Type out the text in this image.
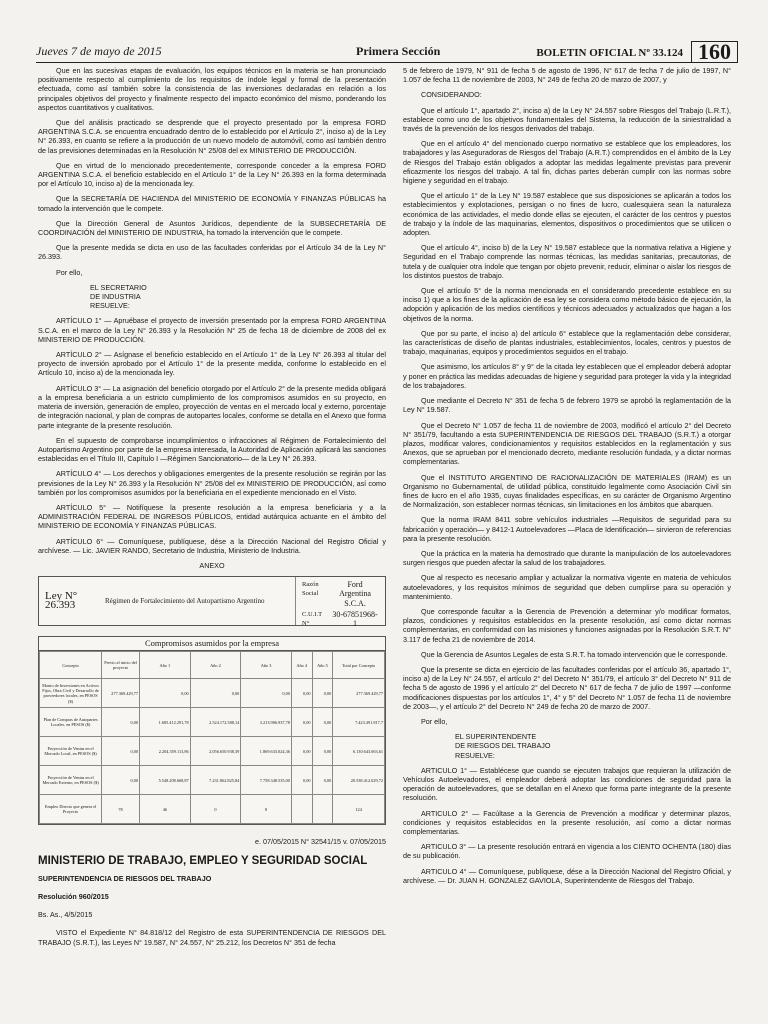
Jueves 7 de mayo de 2015	Primera Sección	BOLETIN OFICIAL Nº 33.124 160

Que en las sucesivas etapas de evaluación, los equipos técnicos en la materia se han pronunciado positivamente respecto al cumplimiento de los requisitos de índole legal y formal de la presentación efectuada, como así también sobre la consistencia de las inversiones declaradas en relación a los principales objetivos del proyecto y finalmente respecto del impacto económico del mismo, ponderando los aspectos cuantitativos y cualitativos.

Que del análisis practicado se desprende que el proyecto presentado por la empresa FORD ARGENTINA S.C.A. se encuentra encuadrado dentro de lo establecido por el Artículo 2°, inciso a) de la Ley N° 26.393, en cuanto se refiere a la producción de un nuevo modelo de automóvil, como así también dentro de las previsiones determinadas en la Resolución N° 25/08 del ex MINISTERIO DE PRODUCCIÓN.

Que en virtud de lo mencionado precedentemente, corresponde conceder a la empresa FORD ARGENTINA S.C.A. el beneficio establecido en el Artículo 1° de la Ley N° 26.393 en la forma determinada por el Artículo 10, inciso a) de la mencionada ley.

Que la SECRETARÍA DE HACIENDA del MINISTERIO DE ECONOMÍA Y FINANZAS PÚBLICAS ha tomado la intervención que le compete.

Que la Dirección General de Asuntos Jurídicos, dependiente de la SUBSECRETARÍA DE COORDINACIÓN del MINISTERIO DE INDUSTRIA, ha tomado la intervención que le compete.

Que la presente medida se dicta en uso de las facultades conferidas por el Artículo 34 de la Ley N° 26.393.

Por ello,

EL SECRETARIO
DE INDUSTRIA
RESUELVE:

ARTÍCULO 1° — Apruébase el proyecto de inversión presentado por la empresa FORD ARGENTINA S.C.A. en el marco de la Ley N° 26.393 y la Resolución N° 25 de fecha 18 de diciembre de 2008 del ex MINISTERIO DE PRODUCCIÓN.

ARTÍCULO 2° — Asígnase el beneficio establecido en el Artículo 1° de la Ley N° 26.393 al titular del proyecto de inversión aprobado por el Artículo 1° de la presente medida, conforme lo establecido en el Artículo 10, inciso a) de la mencionada ley.

ARTÍCULO 3° — La asignación del beneficio otorgado por el Artículo 2° de la presente medida obligará a la empresa beneficiaria a un estricto cumplimiento de los compromisos asumidos en su proyecto, en materia de inversión, generación de empleo, proyección de ventas en el mercado local y externo, porcentaje de integración nacional, y plan de compras de autopartes locales, conforme se detalla en el Anexo que forma parte integrante de la presente resolución.

En el supuesto de comprobarse incumplimientos o infracciones al Régimen de Fortalecimiento del Autopartismo Argentino por parte de la empresa interesada, la Autoridad de Aplicación aplicará las sanciones establecidas en el Título III, Capítulo I —Régimen Sancionatorio— de la Ley N° 26.393.

ARTÍCULO 4° — Los derechos y obligaciones emergentes de la presente resolución se regirán por las previsiones de la Ley N° 26.393 y la Resolución N° 25/08 del ex MINISTERIO DE PRODUCCIÓN, así como también por los compromisos asumidos por la beneficiaria en el expediente mencionado en el Visto.

ARTÍCULO 5° — Notifíquese la presente resolución a la empresa beneficiaria y a la ADMINISTRACIÓN FEDERAL DE INGRESOS PÚBLICOS, entidad autárquica actuante en el ámbito del MINISTERIO DE ECONOMÍA Y FINANZAS PÚBLICAS.

ARTÍCULO 6° — Comuníquese, publíquese, dése a la Dirección Nacional del Registro Oficial y archívese. — Lic. JAVIER RANDO, Secretario de Industria, Ministerio de Industria.

ANEXO
Ley N° 26.393	Régimen de Fortalecimiento del Autopartismo Argentino
Razón Social	Ford Argentina S.C.A.
C.U.I.T N°	30-67851968-1
Compromisos asumidos por la empresa
Concepto	Previo al inicio del proyecto	Año 1	Año 2	Año 3	Año 4	Año 5	Total por Concepto
Monto de Inversiones en Activos Fijos, Obra Civil y Desarrollo de proveedores locales, en PESOS ($)	277.369.429,77	0,00	0,00	0,00	0,00	0,00	277.369.429,77
Plan de Compras de Autopartes Locales, en PESOS ($)	0,00	1.685.412.291,78	2.524.172.588,14	3.213.906.937,78	0,00	0,00	7.423.491.817,7
Proyección de Ventas en el Mercado Local, en PESOS ($)	0,00	2.204.359.113,86	2.056.650.938,39	1.869.633.024,36	0,00	0,00	6.130.643.063,61
Proyección de Ventas en el Mercado Externo, en PESOS ($)	0,00	5.548.208.668,87	7.231.862.825,84	7.758.348.535,00	0,00	0,00	20.538.412.029,72
Empleo Directo que genera el Proyecto	78	46	0	8			124
e. 07/05/2015 N° 32541/15 v. 07/05/2015
MINISTERIO DE TRABAJO, EMPLEO Y SEGURIDAD SOCIAL
SUPERINTENDENCIA DE RIESGOS DEL TRABAJO
Resolución 960/2015
Bs. As., 4/5/2015

VISTO el Expediente N° 84.818/12 del Registro de esta SUPERINTENDENCIA DE RIESGOS DEL TRABAJO (S.R.T.), las Leyes N° 19.587, N° 24.557, N° 25.212, los Decretos N° 351 de fecha

5 de febrero de 1979, N° 911 de fecha 5 de agosto de 1996, N° 617 de fecha 7 de julio de 1997, N° 1.057 de fecha 11 de noviembre de 2003, N° 249 de fecha 20 de marzo de 2007, y

CONSIDERANDO:

Que el artículo 1°, apartado 2°, inciso a) de la Ley N° 24.557 sobre Riesgos del Trabajo (L.R.T.), establece como uno de los objetivos fundamentales del Sistema, la reducción de la siniestralidad a través de la prevención de los riesgos derivados del trabajo.

Que en el artículo 4° del mencionado cuerpo normativo se establece que los empleadores, los trabajadores y las Aseguradoras de Riesgos del Trabajo (A.R.T.) comprendidos en el ámbito de la Ley de Riesgos del Trabajo están obligados a adoptar las medidas legalmente previstas para prevenir eficazmente los riesgos del trabajo. A tal fin, dichas partes deberán cumplir con las normas sobre higiene y seguridad en el trabajo.

Que el artículo 1° de la Ley N° 19.587 establece que sus disposiciones se aplicarán a todos los establecimientos y explotaciones, persigan o no fines de lucro, cualesquiera sean la naturaleza económica de las actividades, el medio donde ellas se ejecuten, el carácter de los centros y puestos de trabajo y la índole de las maquinarias, elementos, dispositivos o procedimientos que se utilicen o adopten.

Que el artículo 4°, inciso b) de la Ley N° 19.587 establece que la normativa relativa a Higiene y Seguridad en el Trabajo comprende las normas técnicas, las medidas sanitarias, precautorias, de tutela y de cualquier otra índole que tengan por objeto prevenir, reducir, eliminar o aislar los riesgos de los distintos puestos de trabajo.

Que el artículo 5° de la norma mencionada en el considerando precedente establece en su inciso 1) que a los fines de la aplicación de esa ley se considera como método básico de ejecución, la adopción y aplicación de los medios científicos y técnicos adecuados y actualizados que hagan a los objetivos de la norma.

Que por su parte, el inciso a) del artículo 6° establece que la reglamentación debe considerar, las características de diseño de plantas industriales, establecimientos, locales, centros y puestos de trabajo, maquinarias, equipos y procedimientos seguidos en el trabajo.

Que asimismo, los artículos 8° y 9° de la citada ley establecen que el empleador deberá adoptar y poner en práctica las medidas adecuadas de higiene y seguridad para proteger la vida y la integridad de los trabajadores.

Que mediante el Decreto N° 351 de fecha 5 de febrero 1979 se aprobó la reglamentación de la Ley N° 19.587.

Que el Decreto N° 1.057 de fecha 11 de noviembre de 2003, modificó el artículo 2° del Decreto N° 351/79, facultando a esta SUPERINTENDENCIA DE RIESGOS DEL TRABAJO (S.R.T.) a otorgar plazos, modificar valores, condicionamientos y requisitos establecidos en la reglamentación y sus Anexos, que se aprueban por el mencionado decreto, mediante resolución fundada, y a dictar normas complementarias.

Que el INSTITUTO ARGENTINO DE RACIONALIZACIÓN DE MATERIALES (IRAM) es un Organismo no Gubernamental, de utilidad pública, constituido legalmente como Asociación Civil sin fines de lucro en el año 1935, cuyas finalidades específicas, en su carácter de Organismo Argentino de Normalización, son establecer normas técnicas, sin limitaciones en los ámbitos que abarquen.

Que la norma IRAM 8411 sobre vehículos industriales —Requisitos de seguridad para su fabricación y operación— y 8412-1 Autoelevadores —Placa de Identificación— sirvieron de referencias para la presente resolución.

Que la práctica en la materia ha demostrado que durante la manipulación de los autoelevadores surgen riesgos que pueden afectar la salud de los trabajadores.

Que al respecto es necesario ampliar y actualizar la normativa vigente en materia de vehículos autoelevadores, y los requisitos mínimos de seguridad que deben cumplirse para su operación y mantenimiento.

Que corresponde facultar a la Gerencia de Prevención a determinar y/o modificar formatos, plazos, condiciones y requisitos establecidos en la presente resolución, así como dictar normas complementarias, en conformidad con las misiones y funciones asignadas por la Resolución S.R.T. N° 3.117 de fecha 21 de noviembre de 2014.

Que la Gerencia de Asuntos Legales de esta S.R.T. ha tomado intervención que le corresponde.

Que la presente se dicta en ejercicio de las facultades conferidas por el artículo 36, apartado 1°, inciso a) de la Ley N° 24.557, el artículo 2° del Decreto N° 351/79, el artículo 3° del Decreto N° 911 de fecha 5 de agosto de 1996 y el artículo 2° del Decreto N° 617 de fecha 7 de julio de 1997 —conforme modificaciones dispuestas por los artículos 1°, 4° y 5° del Decreto N° 1.057 de fecha 11 de noviembre de 2003—, y el artículo 2° del Decreto N° 249 de fecha 20 de marzo de 2007.

Por ello,

EL SUPERINTENDENTE
DE RIESGOS DEL TRABAJO
RESUELVE:

ARTICULO 1° — Establécese que cuando se ejecuten trabajos que requieran la utilización de Vehículos Autoelevadores, el empleador deberá adoptar las condiciones de seguridad para la operación de autoelevadores, que se detallan en el Anexo que forma parte integrante de la presente resolución.

ARTICULO 2° — Facúltase a la Gerencia de Prevención a modificar y determinar plazos, condiciones y requisitos establecidos en la presente resolución, así como a dictar normas complementarias.

ARTICULO 3° — La presente resolución entrará en vigencia a los CIENTO OCHENTA (180) días de su publicación.

ARTICULO 4° — Comuníquese, publíquese, dése a la Dirección Nacional del Registro Oficial, y archívese. — Dr. JUAN H. GONZALEZ GAVIOLA, Superintendente de Riesgos del Trabajo.
